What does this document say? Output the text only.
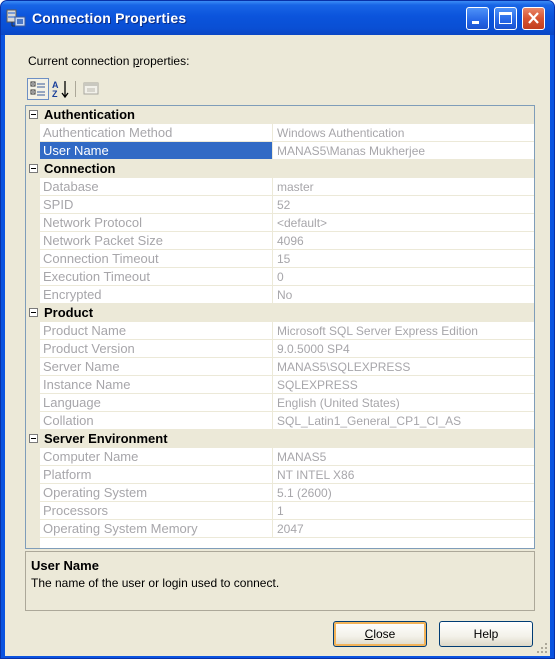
Connection Properties
Current connection properties:
A
Z
Authentication
Authentication Method	Windows Authentication
User Name	MANAS5\Manas Mukherjee
Connection
Database	master
SPID	52
Network Protocol	<default>
Network Packet Size	4096
Connection Timeout	15
Execution Timeout	0
Encrypted	No
Product
Product Name	Microsoft SQL Server Express Edition
Product Version	9.0.5000 SP4
Server Name	MANAS5\SQLEXPRESS
Instance Name	SQLEXPRESS
Language	English (United States)
Collation	SQL_Latin1_General_CP1_CI_AS
Server Environment
Computer Name	MANAS5
Platform	NT INTEL X86
Operating System	5.1 (2600)
Processors	1
Operating System Memory	2047
User Name
The name of the user or login used to connect.
Close	Help
